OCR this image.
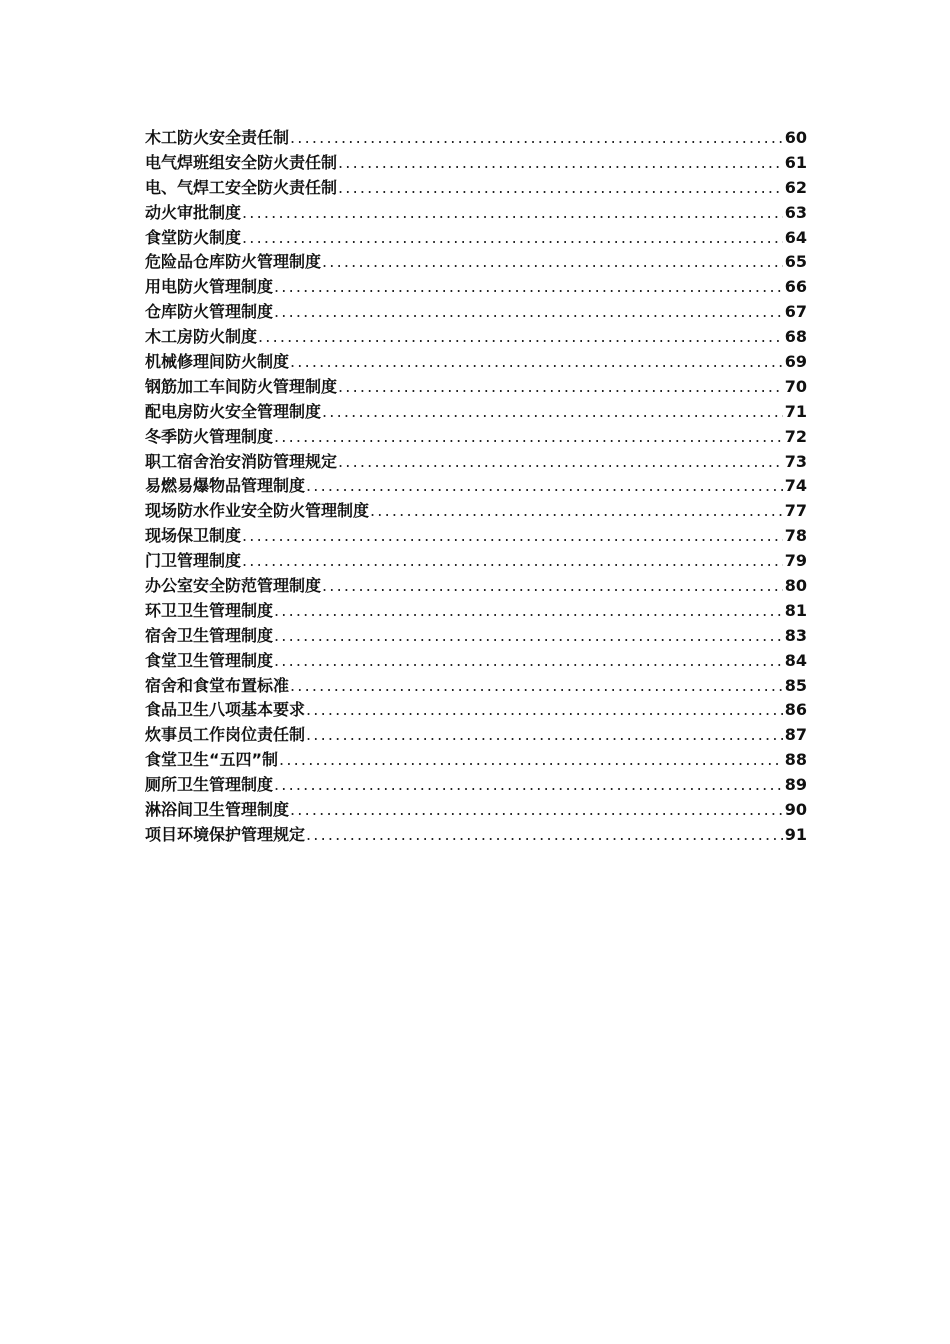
木工防火安全责任制 .....	60
电气焊班组安全防火责任制 .....	61
电、气焊工安全防火责任制 .....	62
动火审批制度 .....	63
食堂防火制度 .....	64
危险品仓库防火管理制度 .....	65
用电防火管理制度 .....	66
仓库防火管理制度 .....	67
木工房防火制度 .....	68
机械修理间防火制度 .....	69
钢筋加工车间防火管理制度 .....	70
配电房防火安全管理制度 .....	71
冬季防火管理制度 .....	72
职工宿舍治安消防管理规定 .....	73
易燃易爆物品管理制度 .....	74
现场防水作业安全防火管理制度 .....	77
现场保卫制度 .....	78
门卫管理制度 .....	79
办公室安全防范管理制度 .....	80
环卫卫生管理制度 .....	81
宿舍卫生管理制度 .....	83
食堂卫生管理制度 .....	84
宿舍和食堂布置标准 .....	85
食品卫生八项基本要求 .....	86
炊事员工作岗位责任制 .....	87
食堂卫生“五四”制 .....	88
厕所卫生管理制度 .....	89
淋浴间卫生管理制度 .....	90
项目环境保护管理规定 .....	91
